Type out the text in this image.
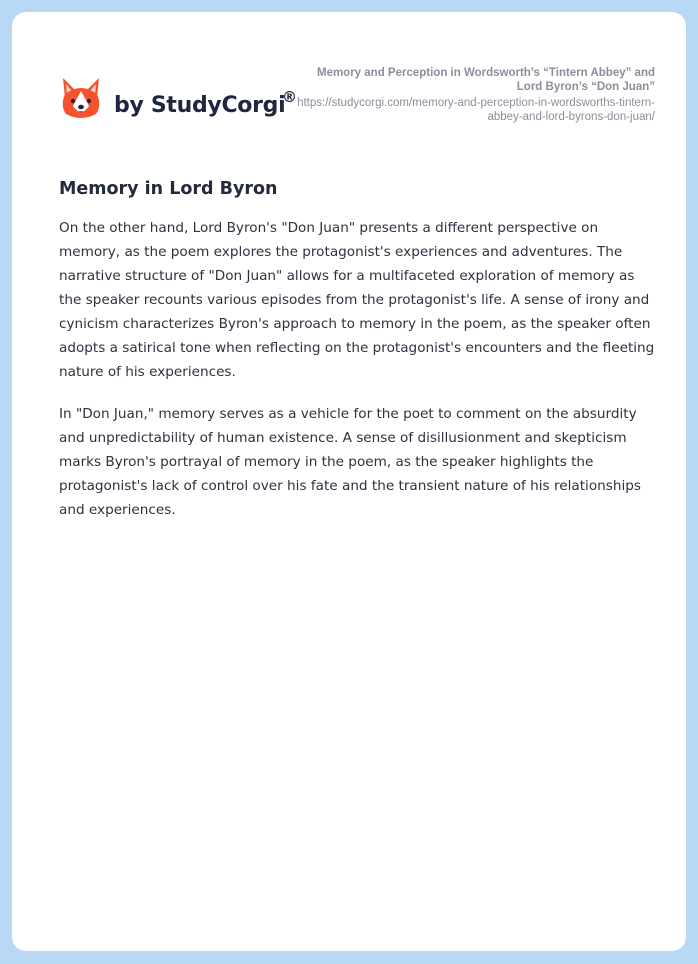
by StudyCorgi
®
Memory and Perception in Wordsworth’s “Tintern Abbey” and Lord Byron’s “Don Juan”
https://studycorgi.com/memory-and-perception-in-wordsworths-tintern-abbey-and-lord-byrons-don-juan/
Memory in Lord Byron

On the other hand, Lord Byron's "Don Juan" presents a different perspective on memory, as the poem explores the protagonist's experiences and adventures. The narrative structure of "Don Juan" allows for a multifaceted exploration of memory as the speaker recounts various episodes from the protagonist's life. A sense of irony and cynicism characterizes Byron's approach to memory in the poem, as the speaker often adopts a satirical tone when reflecting on the protagonist's encounters and the fleeting nature of his experiences.

In "Don Juan," memory serves as a vehicle for the poet to comment on the absurdity and unpredictability of human existence. A sense of disillusionment and skepticism marks Byron's portrayal of memory in the poem, as the speaker highlights the protagonist's lack of control over his fate and the transient nature of his relationships and experiences.
